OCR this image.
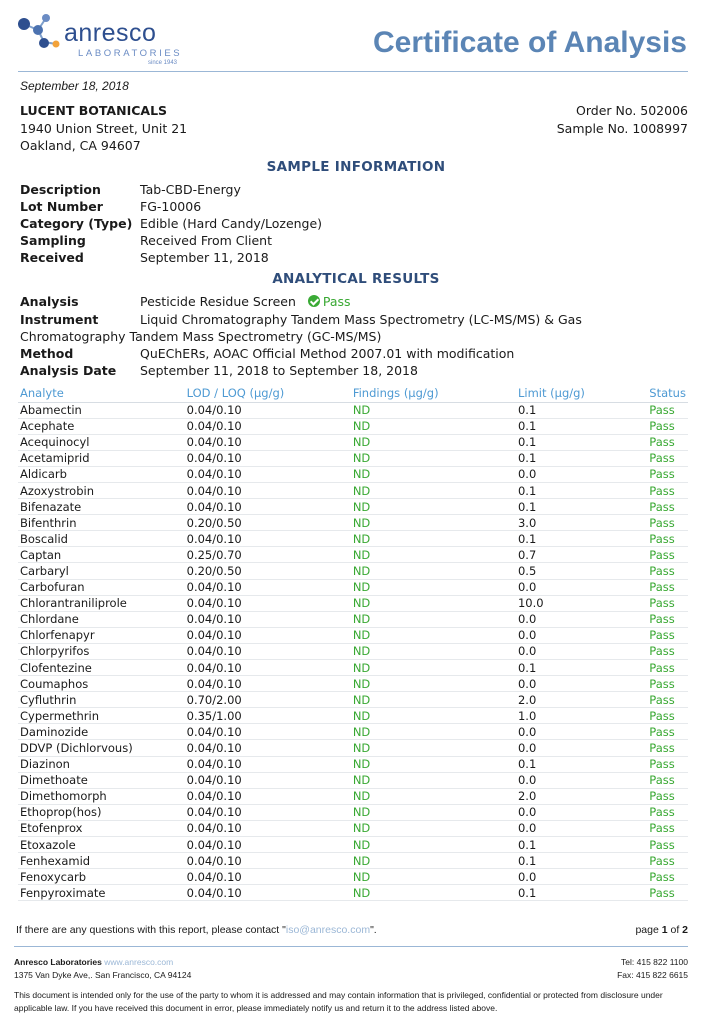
anresco
LABORATORIES
since 1943
Certificate of Analysis
September 18, 2018
LUCENT BOTANICALS
1940 Union Street, Unit 21
Oakland, CA 94607
Order No. 502006
Sample No. 1008997
SAMPLE INFORMATION
Description	Tab-CBD-Energy
Lot Number	FG-10006
Category (Type) Edible (Hard Candy/Lozenge)
Sampling	Received From Client
Received	September 11, 2018
ANALYTICAL RESULTS
Analysis	Pesticide Residue Screen Pass
Instrument	Liquid Chromatography Tandem Mass Spectrometry (LC-MS/MS) & Gas Chromatography Tandem Mass Spectrometry (GC-MS/MS)
Method	QuEChERs, AOAC Official Method 2007.01 with modification
Analysis Date September 11, 2018 to September 18, 2018
Analyte	LOD / LOQ (µg/g)	Findings (µg/g)	Limit (µg/g)	Status
Abamectin	0.04/0.10	ND	0.1	Pass
Acephate	0.04/0.10	ND	0.1	Pass
Acequinocyl	0.04/0.10	ND	0.1	Pass
Acetamiprid	0.04/0.10	ND	0.1	Pass
Aldicarb	0.04/0.10	ND	0.0	Pass
Azoxystrobin	0.04/0.10	ND	0.1	Pass
Bifenazate	0.04/0.10	ND	0.1	Pass
Bifenthrin	0.20/0.50	ND	3.0	Pass
Boscalid	0.04/0.10	ND	0.1	Pass
Captan	0.25/0.70	ND	0.7	Pass
Carbaryl	0.20/0.50	ND	0.5	Pass
Carbofuran	0.04/0.10	ND	0.0	Pass
Chlorantraniliprole	0.04/0.10	ND	10.0	Pass
Chlordane	0.04/0.10	ND	0.0	Pass
Chlorfenapyr	0.04/0.10	ND	0.0	Pass
Chlorpyrifos	0.04/0.10	ND	0.0	Pass
Clofentezine	0.04/0.10	ND	0.1	Pass
Coumaphos	0.04/0.10	ND	0.0	Pass
Cyfluthrin	0.70/2.00	ND	2.0	Pass
Cypermethrin	0.35/1.00	ND	1.0	Pass
Daminozide	0.04/0.10	ND	0.0	Pass
DDVP (Dichlorvous)	0.04/0.10	ND	0.0	Pass
Diazinon	0.04/0.10	ND	0.1	Pass
Dimethoate	0.04/0.10	ND	0.0	Pass
Dimethomorph	0.04/0.10	ND	2.0	Pass
Ethoprop(hos)	0.04/0.10	ND	0.0	Pass
Etofenprox	0.04/0.10	ND	0.0	Pass
Etoxazole	0.04/0.10	ND	0.1	Pass
Fenhexamid	0.04/0.10	ND	0.1	Pass
Fenoxycarb	0.04/0.10	ND	0.0	Pass
Fenpyroximate	0.04/0.10	ND	0.1	Pass
If there are any questions with this report, please contact "iso@anresco.com".	page 1 of 2
Anresco Laboratories www.anresco.com
1375 Van Dyke Ave,. San Francisco, CA 94124
Tel: 415 822 1100
Fax: 415 822 6615
This document is intended only for the use of the party to whom it is addressed and may contain information that is privileged, confidential or protected from disclosure under applicable law. If you have received this document in error, please immediately notify us and return it to the address listed above.
